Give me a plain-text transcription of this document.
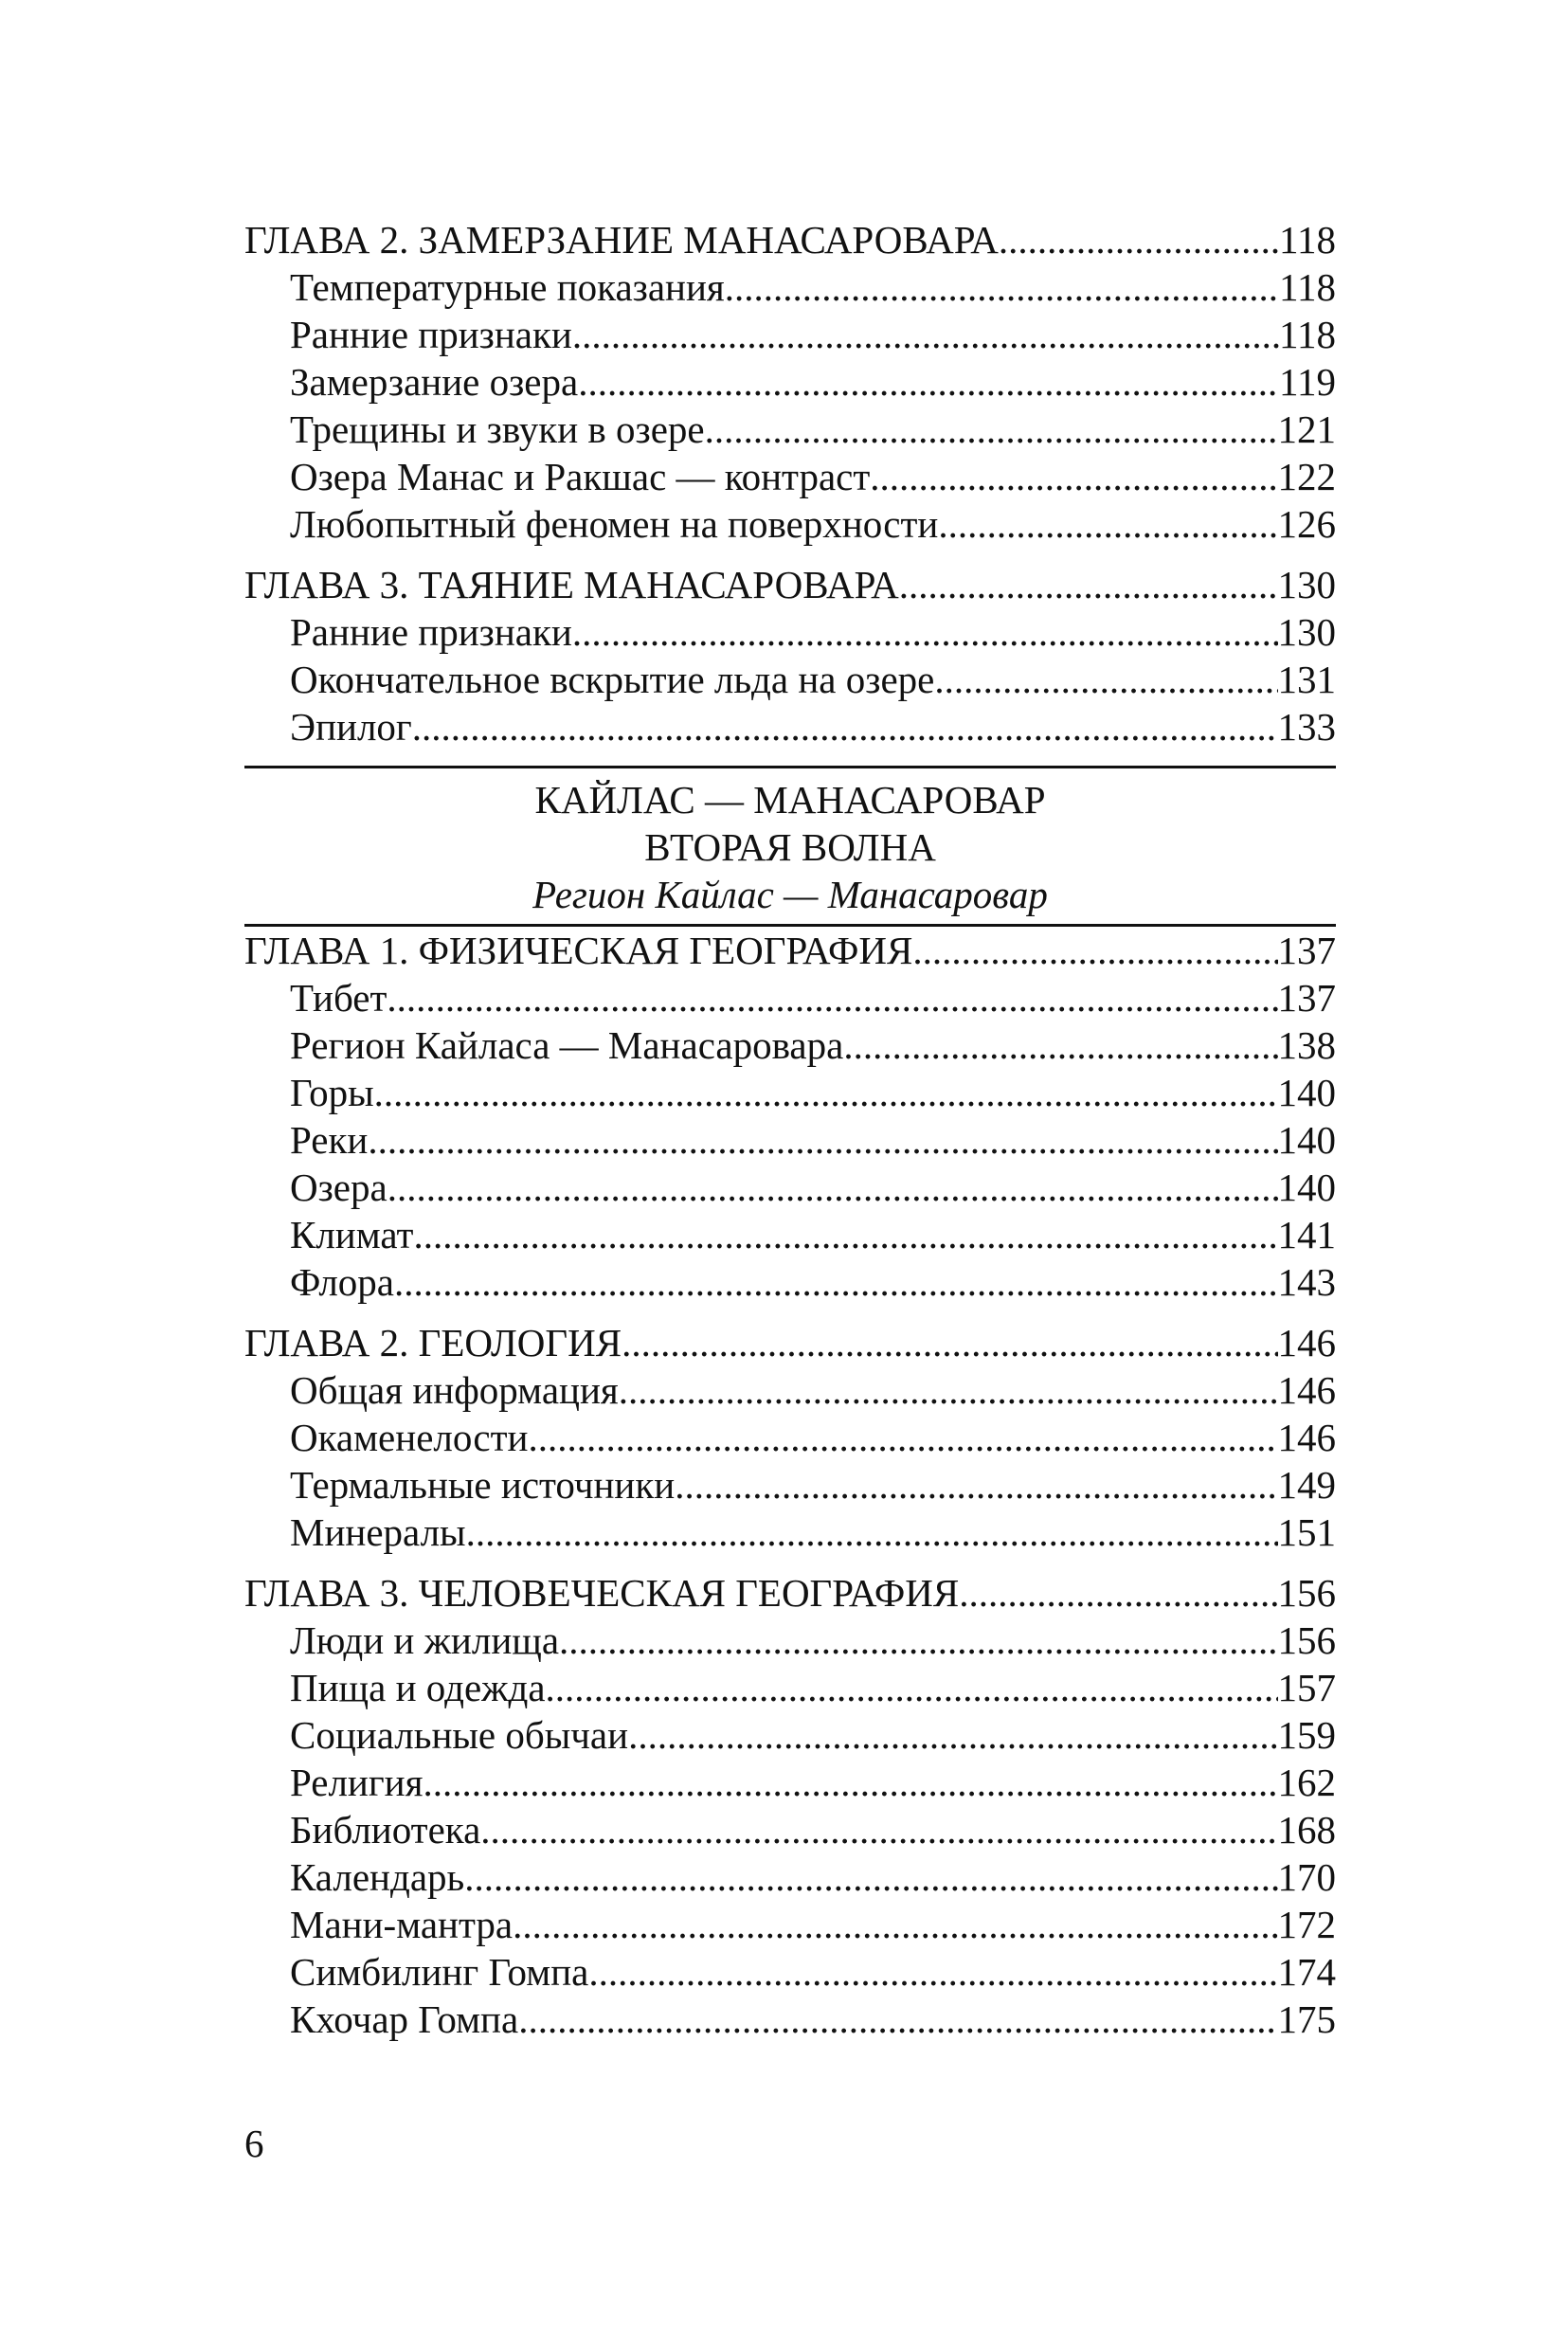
ГЛАВА 2. ЗАМЕРЗАНИЕ МАНАСАРОВАРА .....	118
Температурные показания .....	118
Ранние признаки .....	118
Замерзание озера .....	119
Трещины и звуки в озере .....	121
Озера Манас и Ракшас — контраст .....	122
Любопытный феномен на поверхности .....	126
ГЛАВА 3. ТАЯНИЕ МАНАСАРОВАРА .....	130
Ранние признаки .....	130
Окончательное вскрытие льда на озере .....	131
Эпилог .....	133
КАЙЛАС — МАНАСАРОВАР
ВТОРАЯ ВОЛНА
Регион Кайлас — Манасаровар
ГЛАВА 1. ФИЗИЧЕСКАЯ ГЕОГРАФИЯ .....	137
Тибет .....	137
Регион Кайласа — Манасаровара .....	138
Горы .....	140
Реки .....	140
Озера .....	140
Климат .....	141
Флора .....	143
ГЛАВА 2. ГЕОЛОГИЯ .....	146
Общая информация .....	146
Окаменелости .....	146
Термальные источники .....	149
Минералы .....	151
ГЛАВА 3. ЧЕЛОВЕЧЕСКАЯ ГЕОГРАФИЯ .....	156
Люди и жилища .....	156
Пища и одежда .....	157
Социальные обычаи .....	159
Религия .....	162
Библиотека .....	168
Календарь .....	170
Мани-мантра .....	172
Симбилинг Гомпа .....	174
Кхочар Гомпа .....	175
6
